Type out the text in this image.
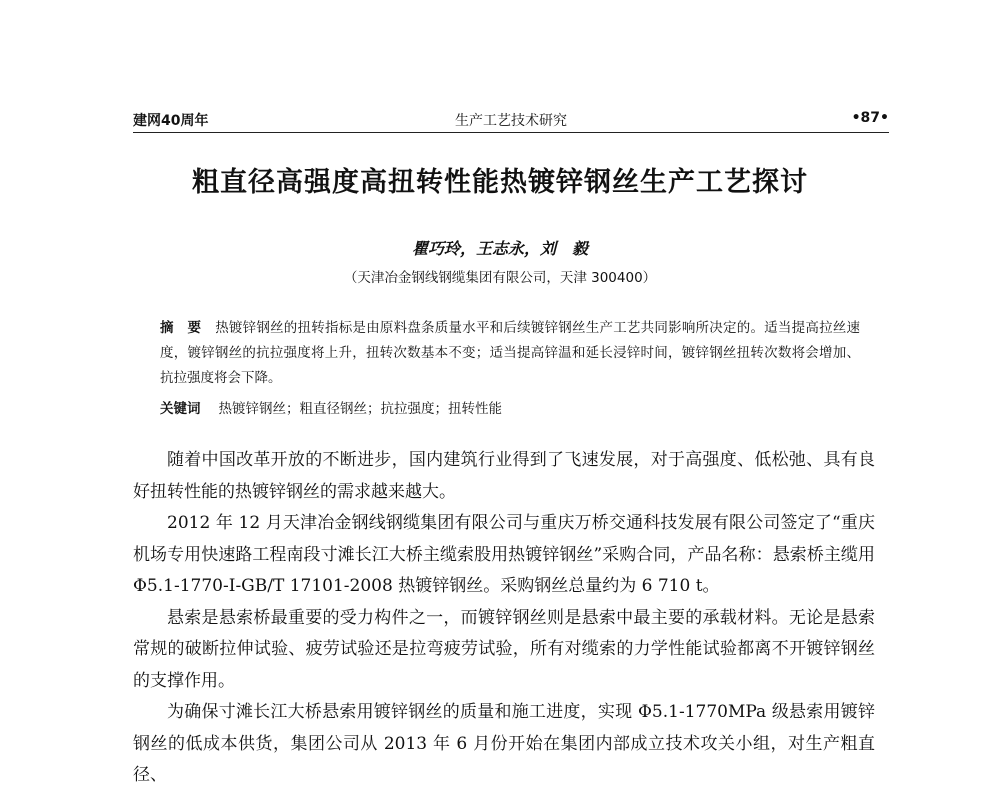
建网40周年	生产工艺技术研究	•87•
粗直径高强度高扭转性能热镀锌钢丝生产工艺探讨
瞿巧玲，王志永，刘　毅
（天津冶金钢线钢缆集团有限公司，天津 300400）
摘　要 热镀锌钢丝的扭转指标是由原料盘条质量水平和后续镀锌钢丝生产工艺共同影响所决定的。适当提高拉丝速度，镀锌钢丝的抗拉强度将上升，扭转次数基本不变；适当提高锌温和延长浸锌时间，镀锌钢丝扭转次数将会增加、抗拉强度将会下降。
关键词 热镀锌钢丝；粗直径钢丝；抗拉强度；扭转性能

随着中国改革开放的不断进步，国内建筑行业得到了飞速发展，对于高强度、低松弛、具有良好扭转性能的热镀锌钢丝的需求越来越大。

2012 年 12 月天津冶金钢线钢缆集团有限公司与重庆万桥交通科技发展有限公司签定了“重庆机场专用快速路工程南段寸滩长江大桥主缆索股用热镀锌钢丝”采购合同，产品名称：悬索桥主缆用 Φ5.1-1770-I-GB/T 17101-2008 热镀锌钢丝。采购钢丝总量约为 6 710 t。

悬索是悬索桥最重要的受力构件之一，而镀锌钢丝则是悬索中最主要的承载材料。无论是悬索常规的破断拉伸试验、疲劳试验还是拉弯疲劳试验，所有对缆索的力学性能试验都离不开镀锌钢丝的支撑作用。

为确保寸滩长江大桥悬索用镀锌钢丝的质量和施工进度，实现 Φ5.1-1770MPa 级悬索用镀锌钢丝的低成本供货，集团公司从 2013 年 6 月份开始在集团内部成立技术攻关小组，对生产粗直径、
